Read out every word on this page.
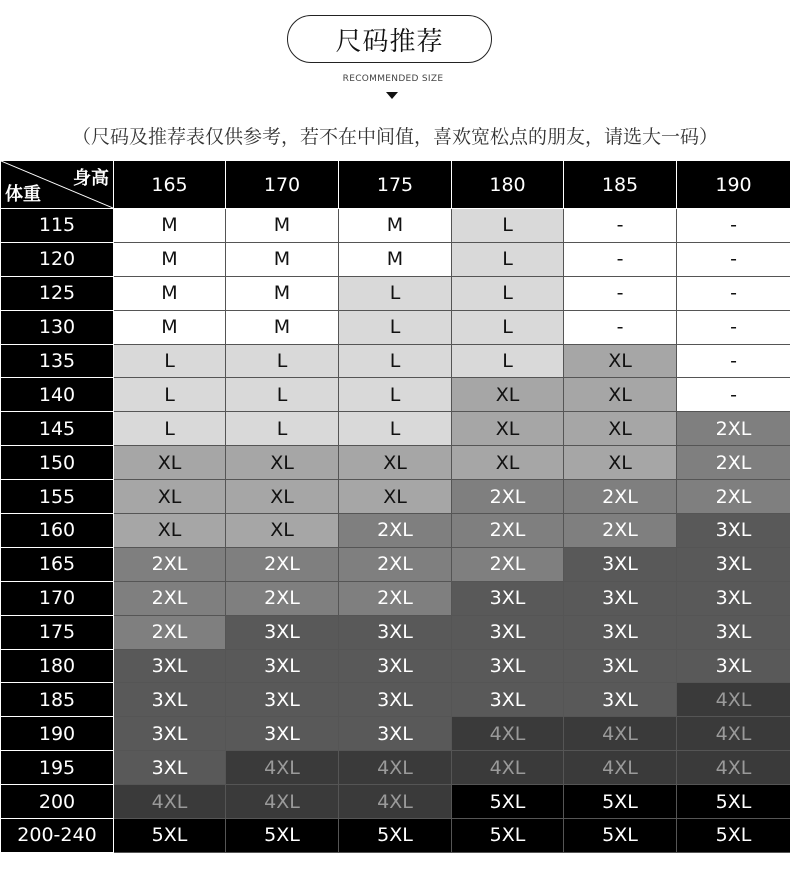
尺码推荐
RECOMMENDED SIZE
（尺码及推荐表仅供参考，若不在中间值，喜欢宽松点的朋友，请选大一码）
身高
体重	165	170	175	180	185	190
115	M	M	M	L	-	-
120	M	M	M	L	-	-
125	M	M	L	L	-	-
130	M	M	L	L	-	-
135	L	L	L	L	XL	-
140	L	L	L	XL	XL	-
145	L	L	L	XL	XL	2XL
150	XL	XL	XL	XL	XL	2XL
155	XL	XL	XL	2XL	2XL	2XL
160	XL	XL	2XL	2XL	2XL	3XL
165	2XL	2XL	2XL	2XL	3XL	3XL
170	2XL	2XL	2XL	3XL	3XL	3XL
175	2XL	3XL	3XL	3XL	3XL	3XL
180	3XL	3XL	3XL	3XL	3XL	3XL
185	3XL	3XL	3XL	3XL	3XL	4XL
190	3XL	3XL	3XL	4XL	4XL	4XL
195	3XL	4XL	4XL	4XL	4XL	4XL
200	4XL	4XL	4XL	5XL	5XL	5XL
200-240	5XL	5XL	5XL	5XL	5XL	5XL
